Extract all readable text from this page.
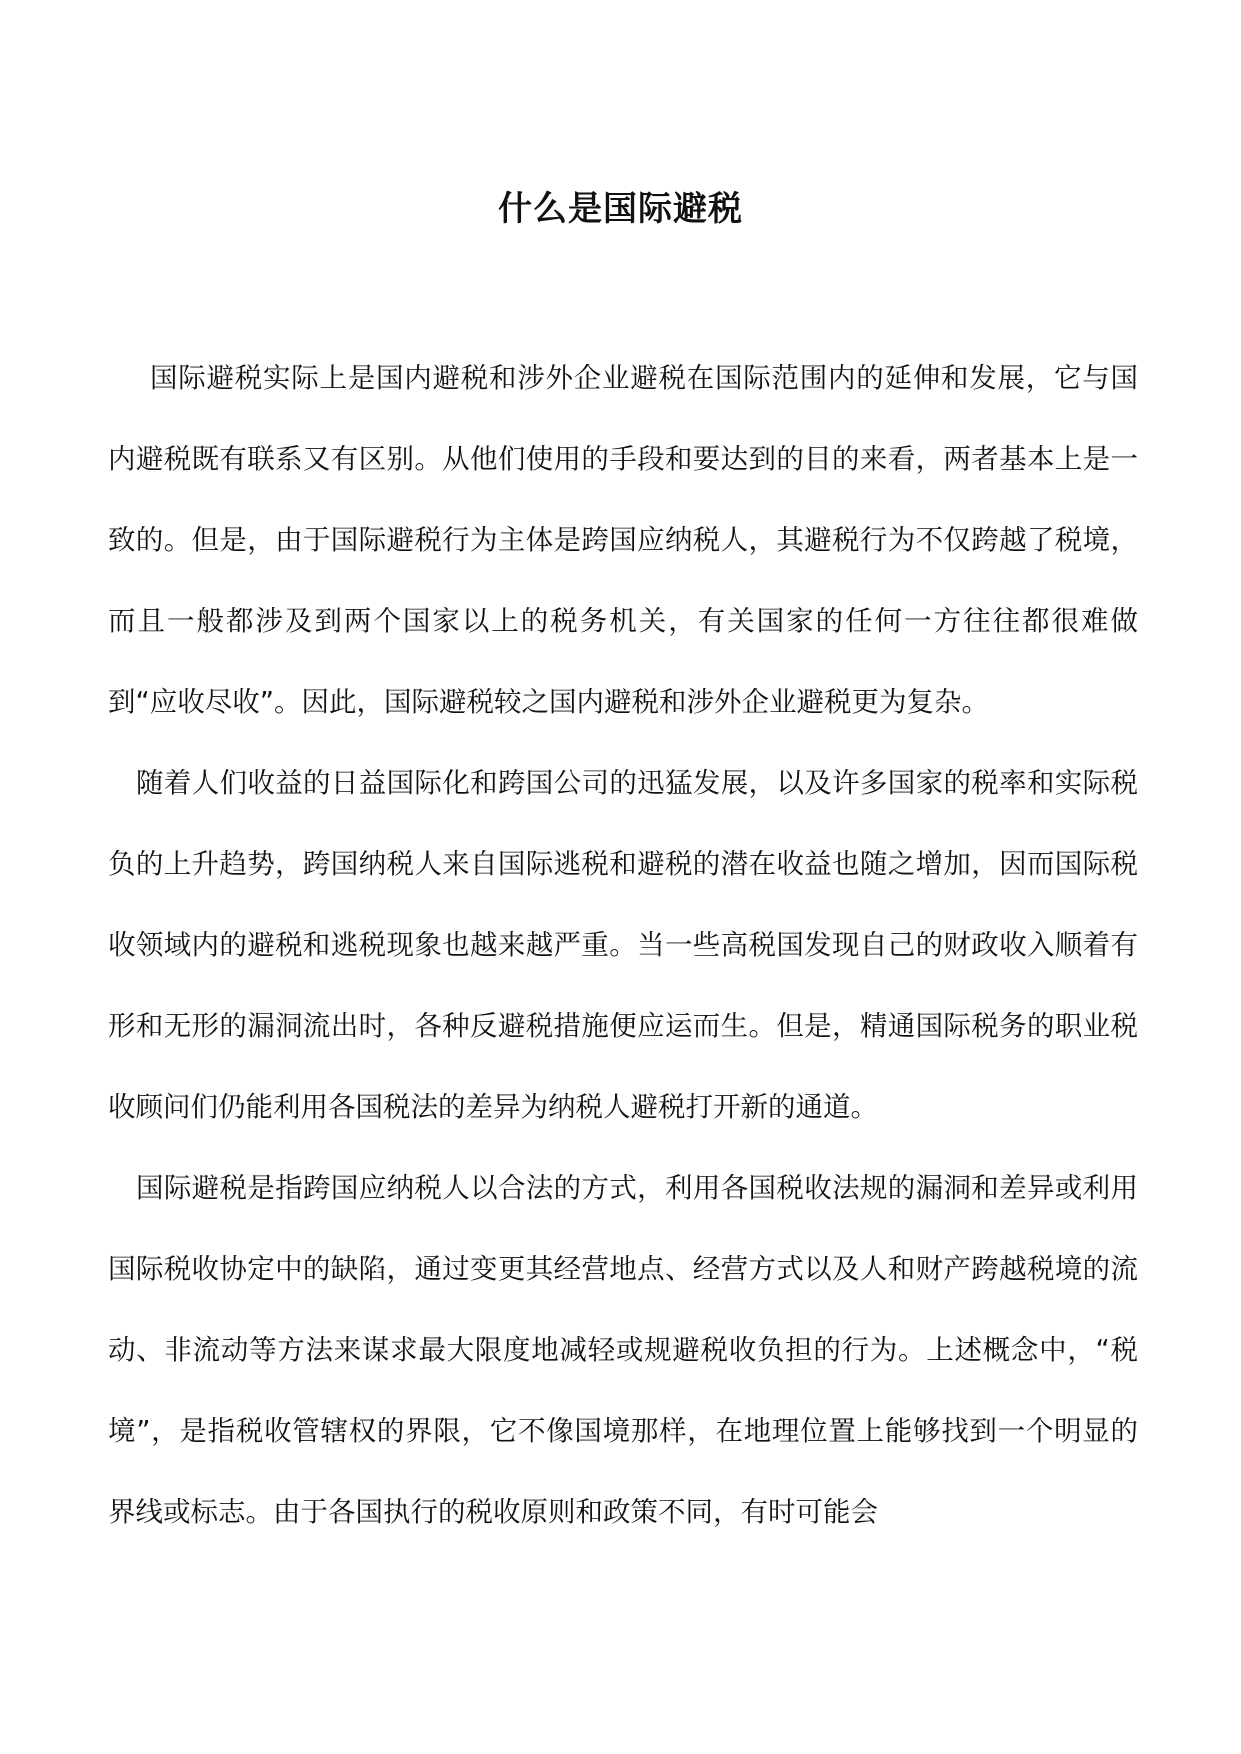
什么是国际避税

国际避税实际上是国内避税和涉外企业避税在国际范围内的延伸和发展，它与国内避税既有联系又有区别。从他们使用的手段和要达到的目的来看，两者基本上是一致的。但是，由于国际避税行为主体是跨国应纳税人，其避税行为不仅跨越了税境，而且一般都涉及到两个国家以上的税务机关，有关国家的任何一方往往都很难做到“应收尽收”。因此，国际避税较之国内避税和涉外企业避税更为复杂。

随着人们收益的日益国际化和跨国公司的迅猛发展，以及许多国家的税率和实际税负的上升趋势，跨国纳税人来自国际逃税和避税的潜在收益也随之增加，因而国际税收领域内的避税和逃税现象也越来越严重。当一些高税国发现自己的财政收入顺着有形和无形的漏洞流出时，各种反避税措施便应运而生。但是，精通国际税务的职业税收顾问们仍能利用各国税法的差异为纳税人避税打开新的通道。

国际避税是指跨国应纳税人以合法的方式，利用各国税收法规的漏洞和差异或利用国际税收协定中的缺陷，通过变更其经营地点、经营方式以及人和财产跨越税境的流动、非流动等方法来谋求最大限度地减轻或规避税收负担的行为。上述概念中，“税境”，是指税收管辖权的界限，它不像国境那样，在地理位置上能够找到一个明显的界线或标志。由于各国执行的税收原则和政策不同，有时可能会
